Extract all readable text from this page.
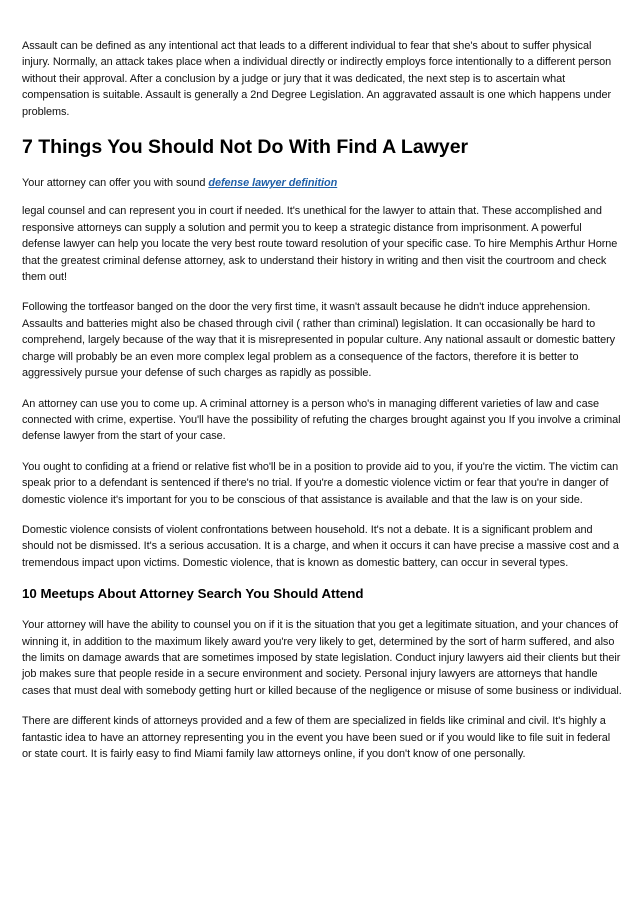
Assault can be defined as any intentional act that leads to a different individual to fear that she's about to suffer physical injury. Normally, an attack takes place when a individual directly or indirectly employs force intentionally to a different person without their approval. After a conclusion by a judge or jury that it was dedicated, the next step is to ascertain what compensation is suitable. Assault is generally a 2nd Degree Legislation. An aggravated assault is one which happens under problems.

7 Things You Should Not Do With Find A Lawyer

Your attorney can offer you with sound defense lawyer definition

legal counsel and can represent you in court if needed. It's unethical for the lawyer to attain that. These accomplished and responsive attorneys can supply a solution and permit you to keep a strategic distance from imprisonment. A powerful defense lawyer can help you locate the very best route toward resolution of your specific case. To hire Memphis Arthur Horne that the greatest criminal defense attorney, ask to understand their history in writing and then visit the courtroom and check them out!

Following the tortfeasor banged on the door the very first time, it wasn't assault because he didn't induce apprehension. Assaults and batteries might also be chased through civil ( rather than criminal) legislation. It can occasionally be hard to comprehend, largely because of the way that it is misrepresented in popular culture. Any national assault or domestic battery charge will probably be an even more complex legal problem as a consequence of the factors, therefore it is better to aggressively pursue your defense of such charges as rapidly as possible.

An attorney can use you to come up. A criminal attorney is a person who's in managing different varieties of law and case connected with crime, expertise. You'll have the possibility of refuting the charges brought against you If you involve a criminal defense lawyer from the start of your case.

You ought to confiding at a friend or relative fist who'll be in a position to provide aid to you, if you're the victim. The victim can speak prior to a defendant is sentenced if there's no trial. If you're a domestic violence victim or fear that you're in danger of domestic violence it's important for you to be conscious of that assistance is available and that the law is on your side.

Domestic violence consists of violent confrontations between household. It's not a debate. It is a significant problem and should not be dismissed. It's a serious accusation. It is a charge, and when it occurs it can have precise a massive cost and a tremendous impact upon victims. Domestic violence, that is known as domestic battery, can occur in several types.

10 Meetups About Attorney Search You Should Attend

Your attorney will have the ability to counsel you on if it is the situation that you get a legitimate situation, and your chances of winning it, in addition to the maximum likely award you're very likely to get, determined by the sort of harm suffered, and also the limits on damage awards that are sometimes imposed by state legislation. Conduct injury lawyers aid their clients but their job makes sure that people reside in a secure environment and society. Personal injury lawyers are attorneys that handle cases that must deal with somebody getting hurt or killed because of the negligence or misuse of some business or individual.

There are different kinds of attorneys provided and a few of them are specialized in fields like criminal and civil. It's highly a fantastic idea to have an attorney representing you in the event you have been sued or if you would like to file suit in federal or state court. It is fairly easy to find Miami family law attorneys online, if you don't know of one personally.
